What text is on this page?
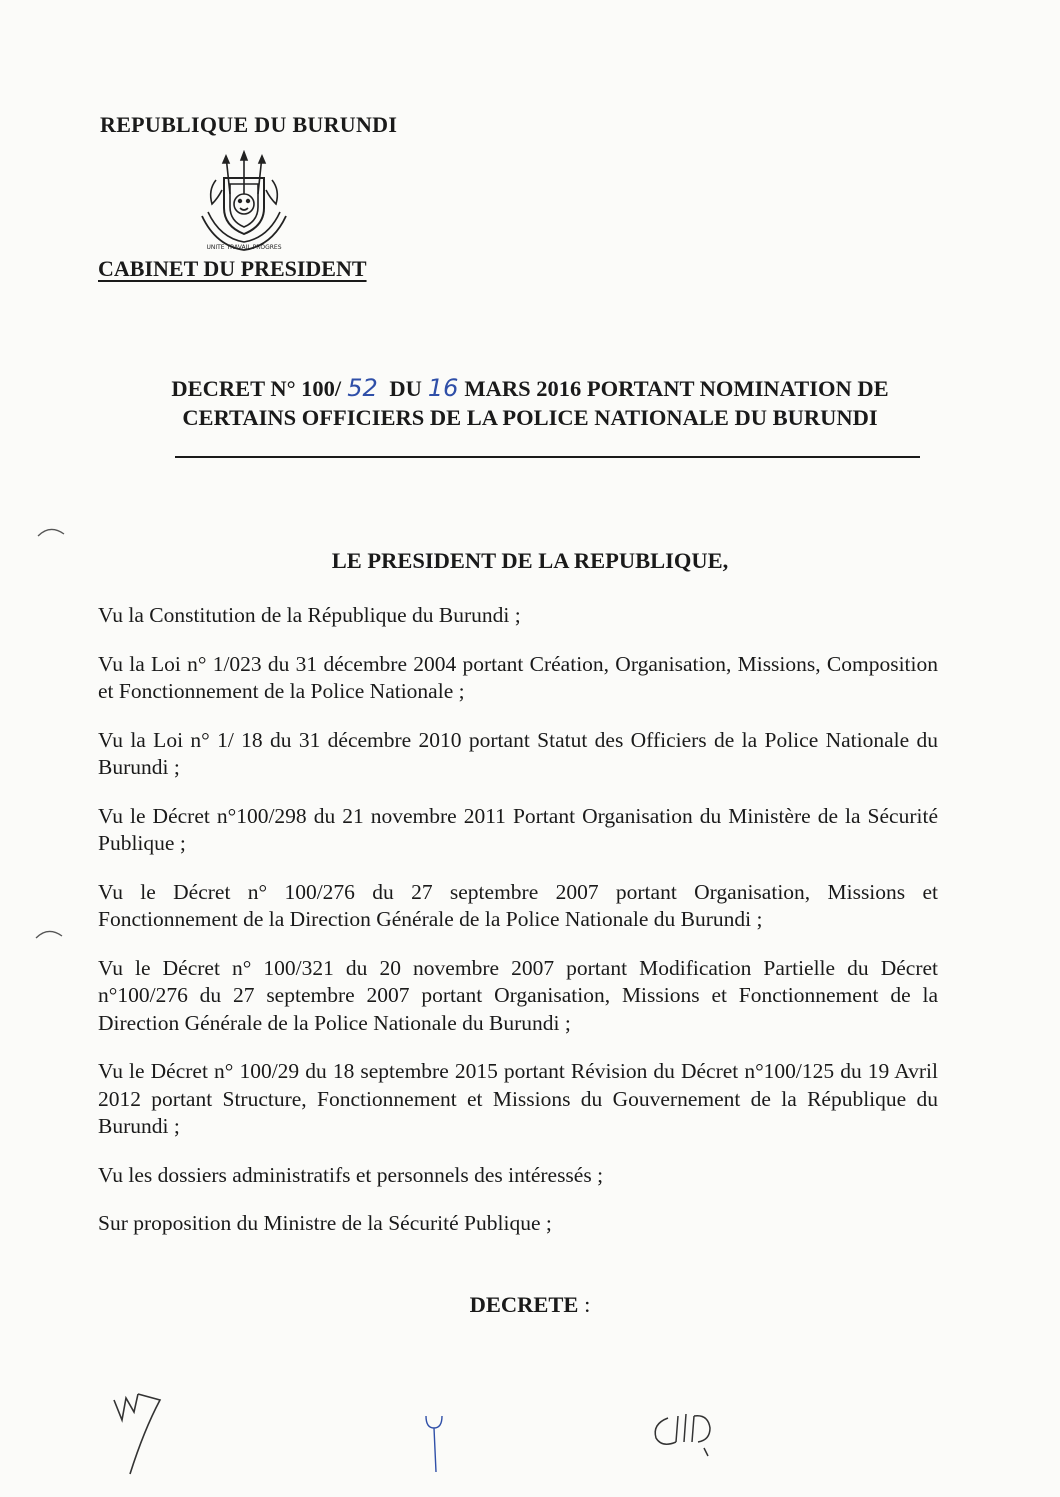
REPUBLIQUE DU BURUNDI
UNITE TRAVAIL PROGRES
CABINET DU PRESIDENT
DECRET N° 100/ 52 DU 16 MARS 2016 PORTANT NOMINATION DE
CERTAINS OFFICIERS DE LA POLICE NATIONALE DU BURUNDI
LE PRESIDENT DE LA REPUBLIQUE,

Vu la Constitution de la République du Burundi ;

Vu la Loi n° 1/023 du 31 décembre 2004 portant Création, Organisation, Missions, Composition et Fonctionnement de la Police Nationale ;

Vu la Loi n° 1/ 18 du 31 décembre 2010 portant Statut des Officiers de la Police Nationale du Burundi ;

Vu le Décret n°100/298 du 21 novembre 2011 Portant Organisation du Ministère de la Sécurité Publique ;

Vu le Décret n° 100/276 du 27 septembre 2007 portant Organisation, Missions et Fonctionnement de la Direction Générale de la Police Nationale du Burundi ;

Vu le Décret n° 100/321 du 20 novembre 2007 portant Modification Partielle du Décret n°100/276 du 27 septembre 2007 portant Organisation, Missions et Fonctionnement de la Direction Générale de la Police Nationale du Burundi ;

Vu le Décret n° 100/29 du 18 septembre 2015 portant Révision du Décret n°100/125 du 19 Avril 2012 portant Structure, Fonctionnement et Missions du Gouvernement de la République du Burundi ;

Vu les dossiers administratifs et personnels des intéressés ;

Sur proposition du Ministre de la Sécurité Publique ;

DECRETE :
